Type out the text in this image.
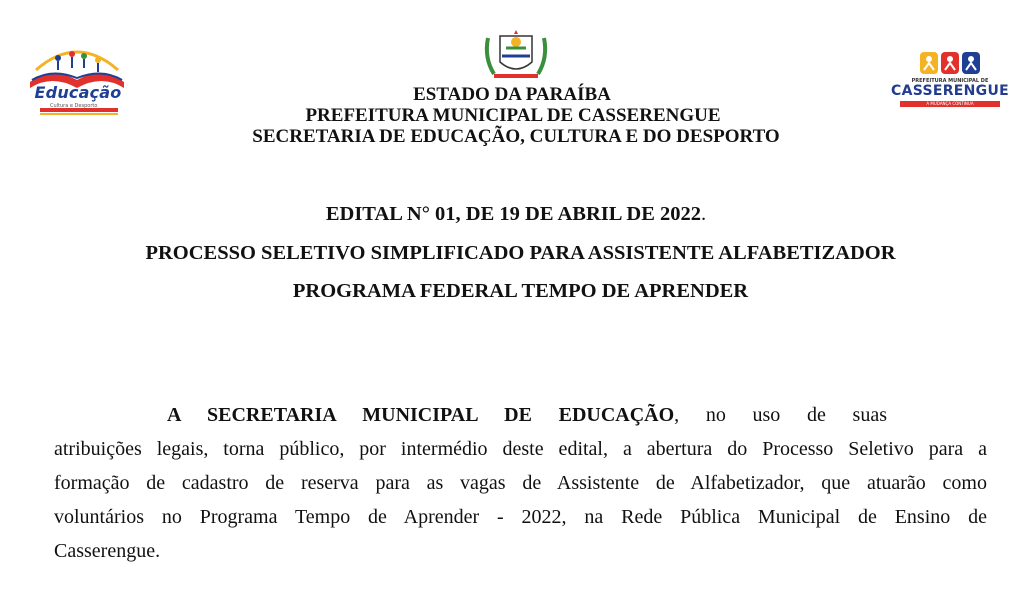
Educação
Cultura e Desporto
PREFEITURA MUNICIPAL DE
CASSERENGUE
A MUDANÇA CONTINUA
ESTADO DA PARAÍBA
PREFEITURA MUNICIPAL DE CASSERENGUE
SECRETARIA DE EDUCAÇÃO, CULTURA E DO DESPORTO
EDITAL N° 01, DE 19 DE ABRIL DE 2022.
PROCESSO SELETIVO SIMPLIFICADO PARA ASSISTENTE ALFABETIZADOR
PROGRAMA FEDERAL TEMPO DE APRENDER
A SECRETARIA MUNICIPAL DE EDUCAÇÃO, no uso de suas
atribuições legais, torna público, por intermédio deste edital, a abertura do Processo Seletivo para a
formação de cadastro de reserva para as vagas de Assistente de Alfabetizador, que atuarão como
voluntários no Programa Tempo de Aprender - 2022, na Rede Pública Municipal de Ensino de
Casserengue.
